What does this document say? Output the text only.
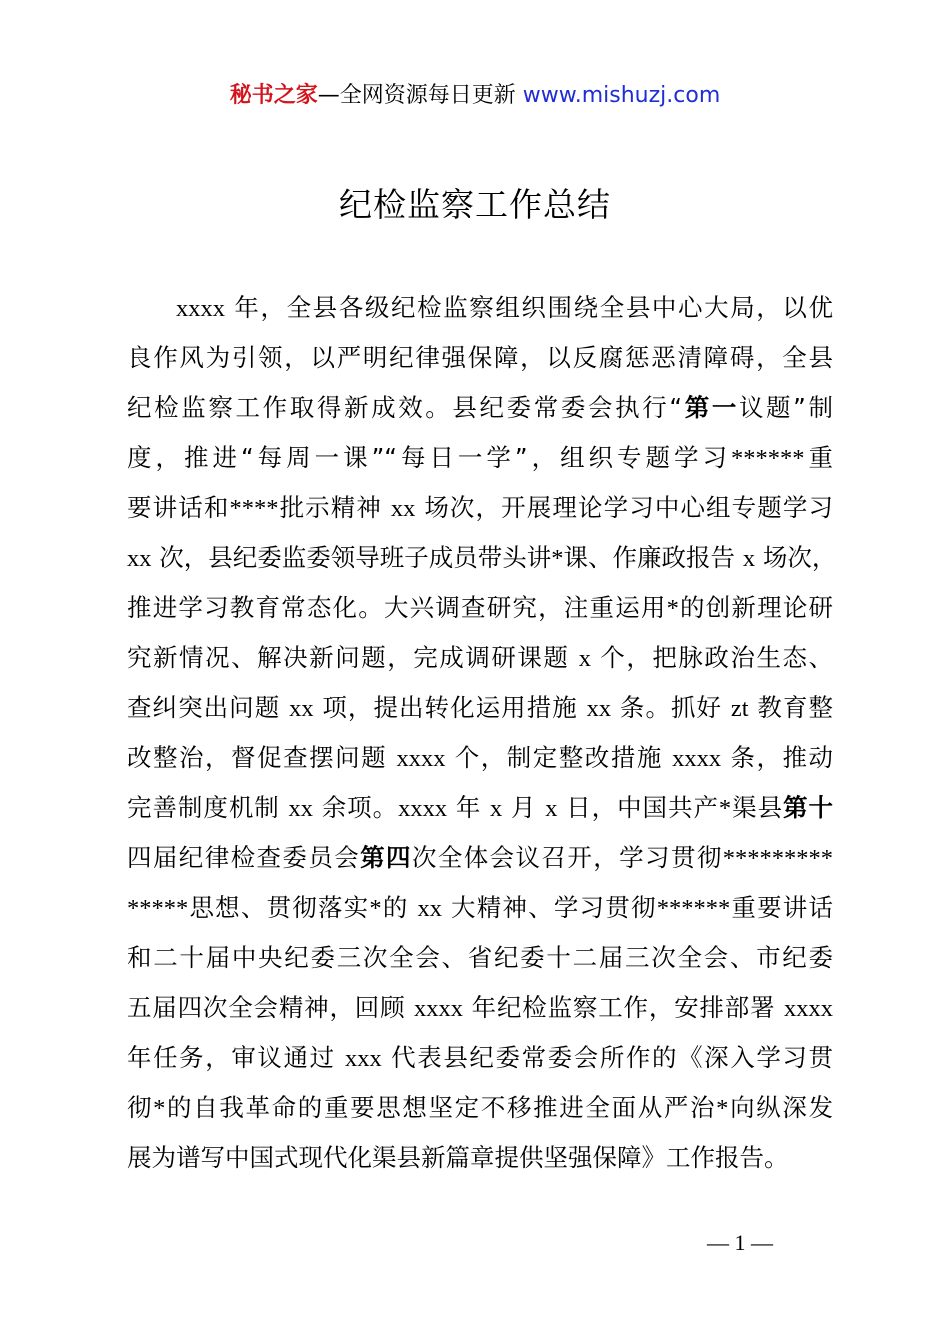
秘书之家—全网资源每日更新 www.mishuzj.com
纪检监察工作总结
xxxx 年，全县各级纪检监察组织围绕全县中心大局，以优
良作风为引领，以严明纪律强保障，以反腐惩恶清障碍，全县
纪检监察工作取得新成效。县纪委常委会执行“第一议题”制
度，推进“每周一课”“每日一学”，组织专题学习******重
要讲话和****批示精神 xx 场次，开展理论学习中心组专题学习
xx 次，县纪委监委领导班子成员带头讲*课、作廉政报告 x 场次，
推进学习教育常态化。大兴调查研究，注重运用*的创新理论研
究新情况、解决新问题，完成调研课题 x 个，把脉政治生态、
查纠突出问题 xx 项，提出转化运用措施 xx 条。抓好 zt 教育整
改整治，督促查摆问题 xxxx 个，制定整改措施 xxxx 条，推动
完善制度机制 xx 余项。xxxx 年 x 月 x 日，中国共产*渠县第十
四届纪律检查委员会第四次全体会议召开，学习贯彻*********
*****思想、贯彻落实*的 xx 大精神、学习贯彻******重要讲话
和二十届中央纪委三次全会、省纪委十二届三次全会、市纪委
五届四次全会精神，回顾 xxxx 年纪检监察工作，安排部署 xxxx
年任务，审议通过 xxx 代表县纪委常委会所作的《深入学习贯
彻*的自我革命的重要思想坚定不移推进全面从严治*向纵深发
展为谱写中国式现代化渠县新篇章提供坚强保障》工作报告。
— 1 —
